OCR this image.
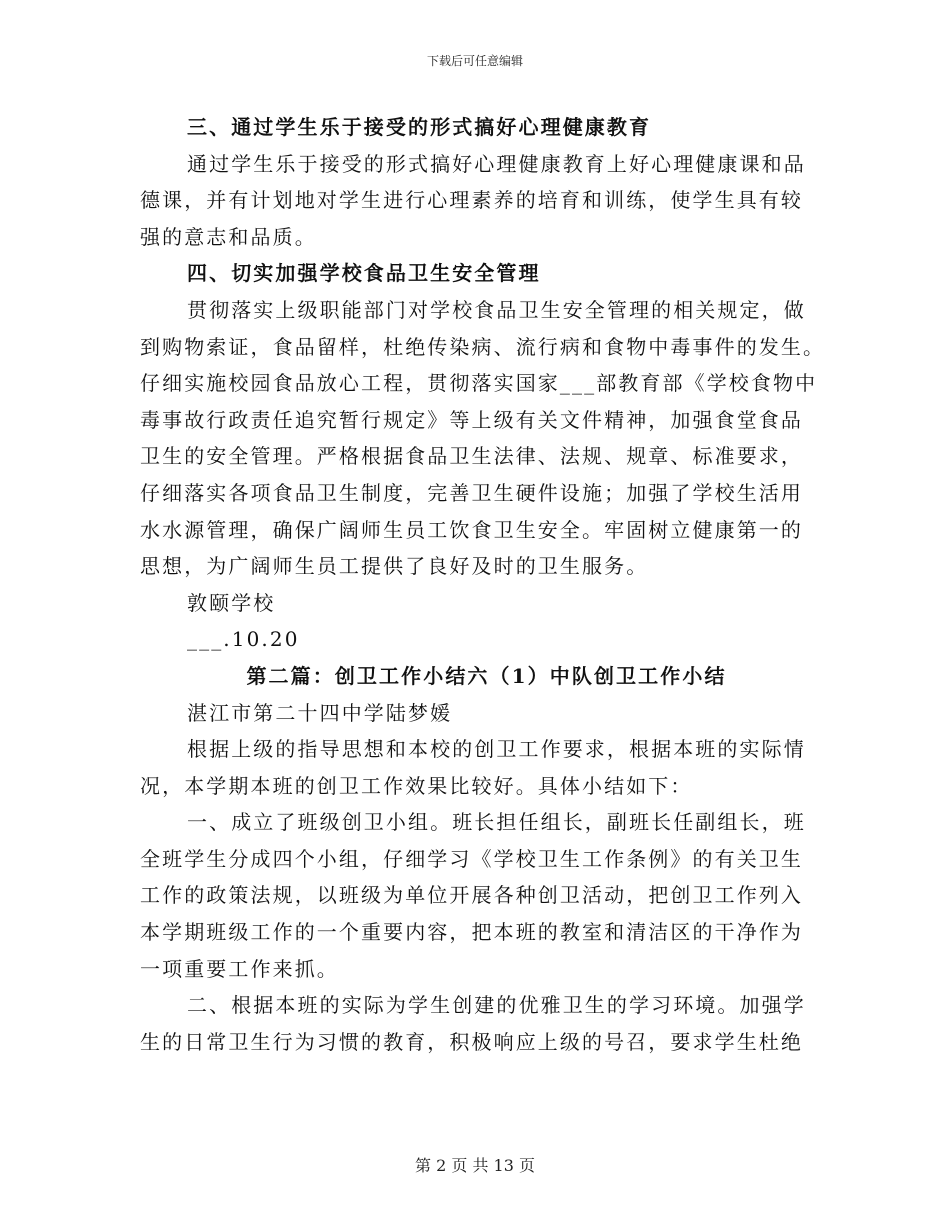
下载后可任意编辑
三、通过学生乐于接受的形式搞好心理健康教育
通过学生乐于接受的形式搞好心理健康教育上好心理健康课和品
德课，并有计划地对学生进行心理素养的培育和训练，使学生具有较
强的意志和品质。
四、切实加强学校食品卫生安全管理
贯彻落实上级职能部门对学校食品卫生安全管理的相关规定，做
到购物索证，食品留样，杜绝传染病、流行病和食物中毒事件的发生。
仔细实施校园食品放心工程，贯彻落实国家___部教育部《学校食物中
毒事故行政责任追究暂行规定》等上级有关文件精神，加强食堂食品
卫生的安全管理。严格根据食品卫生法律、法规、规章、标准要求，
仔细落实各项食品卫生制度，完善卫生硬件设施；加强了学校生活用
水水源管理，确保广阔师生员工饮食卫生安全。牢固树立健康第一的
思想，为广阔师生员工提供了良好及时的卫生服务。
敦颐学校
___.10.20
第二篇：创卫工作小结六（1）中队创卫工作小结
湛江市第二十四中学陆梦媛
根据上级的指导思想和本校的创卫工作要求，根据本班的实际情
况，本学期本班的创卫工作效果比较好。具体小结如下：
一、成立了班级创卫小组。班长担任组长，副班长任副组长，班
全班学生分成四个小组，仔细学习《学校卫生工作条例》的有关卫生
工作的政策法规，以班级为单位开展各种创卫活动，把创卫工作列入
本学期班级工作的一个重要内容，把本班的教室和清洁区的干净作为
一项重要工作来抓。
二、根据本班的实际为学生创建的优雅卫生的学习环境。加强学
生的日常卫生行为习惯的教育，积极响应上级的号召，要求学生杜绝
第 2 页 共 13 页
